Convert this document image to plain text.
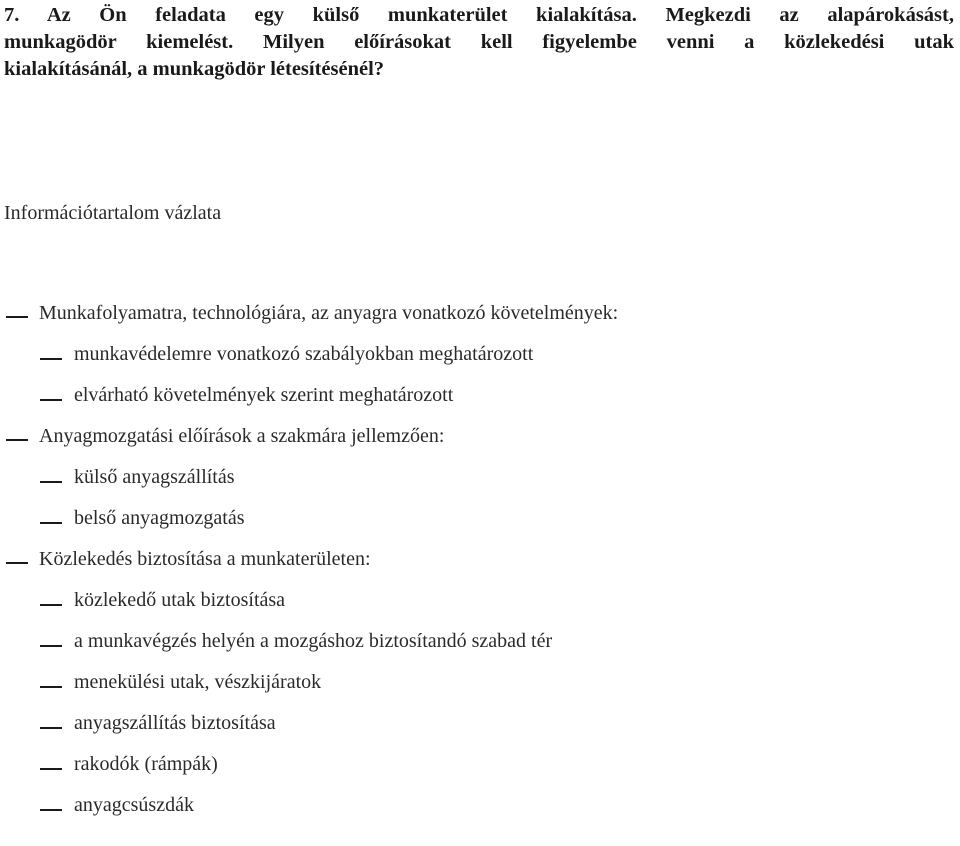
7. Az Ön feladata egy külső munkaterület kialakítása. Megkezdi az alapárokásást,
munkagödör kiemelést. Milyen előírásokat kell figyelembe venni a közlekedési utak
kialakításánál, a munkagödör létesítésénél?
Információtartalom vázlata
Munkafolyamatra, technológiára, az anyagra vonatkozó követelmények:
munkavédelemre vonatkozó szabályokban meghatározott
elvárható követelmények szerint meghatározott
Anyagmozgatási előírások a szakmára jellemzően:
külső anyagszállítás
belső anyagmozgatás
Közlekedés biztosítása a munkaterületen:
közlekedő utak biztosítása
a munkavégzés helyén a mozgáshoz biztosítandó szabad tér
menekülési utak, vészkijáratok
anyagszállítás biztosítása
rakodók (rámpák)
anyagcsúszdák
